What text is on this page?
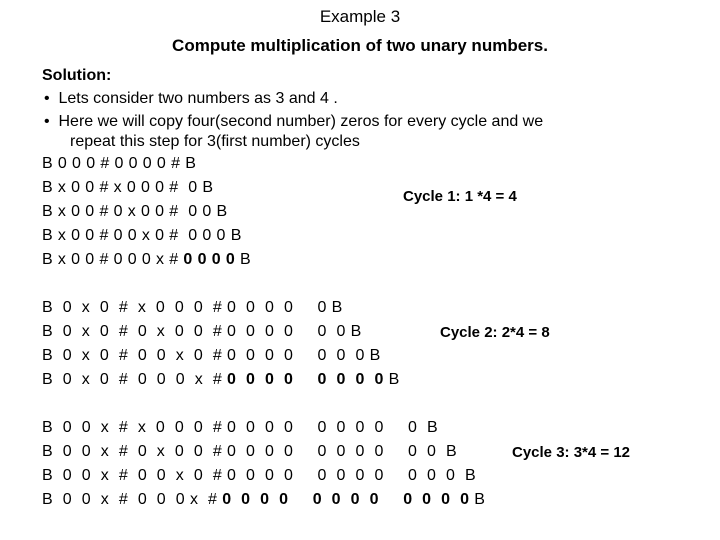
Example 3
Compute multiplication of two unary numbers.
Solution:
•  Lets consider two numbers as 3 and 4 .
•  Here we will copy four(second number) zeros for every cycle and we
repeat this step for 3(first number) cycles
B 0 0 0 # 0 0 0 0 # B
B x 0 0 # x 0 0 0 #  0 B
B x 0 0 # 0 x 0 0 #  0 0 B
B x 0 0 # 0 0 x 0 #  0 0 0 B
B x 0 0 # 0 0 0 x # 0 0 0 0 B
Cycle 1: 1 *4 = 4
B  0  x  0  #  x  0  0  0  # 0  0  0  0     0 B
B  0  x  0  #  0  x  0  0  # 0  0  0  0     0  0 B
B  0  x  0  #  0  0  x  0  # 0  0  0  0     0  0  0 B
B  0  x  0  #  0  0  0  x  # 0  0  0  0 0  0  0  0 B
Cycle 2: 2*4 = 8
B  0  0  x  #  x  0  0  0  # 0  0  0  0     0  0  0  0     0  B
B  0  0  x  #  0  x  0  0  # 0  0  0  0     0  0  0  0     0  0  B
B  0  0  x  #  0  0  x  0  # 0  0  0  0     0  0  0  0     0  0  0  B
B  0  0  x  #  0  0  0 x  # 0  0  0  0 0  0  0  0 0  0  0  0 B
Cycle 3: 3*4 = 12
